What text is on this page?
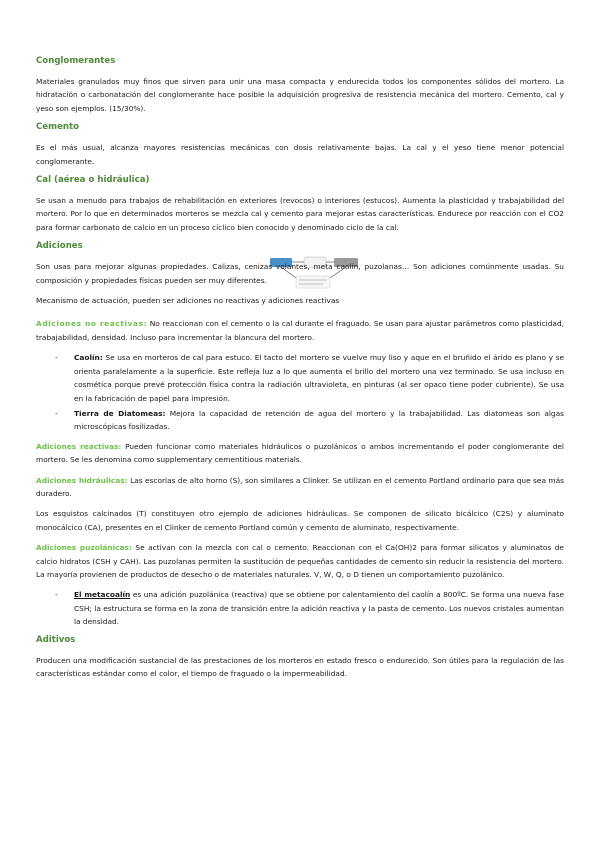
Conglomerantes

Materiales granulados muy finos que sirven para unir una masa compacta y endurecida todos los componentes sólidos del mortero. La hidratación o carbonatación del conglomerante hace posible la adquisición progresiva de resistencia mecánica del mortero. Cemento, cal y yeso son ejemplos. (15/30%).

Cemento

Es el más usual, alcanza mayores resistencias mecánicas con dosis relativamente bajas. La cal y el yeso tiene menor potencial conglomerante.

Cal (aérea o hidráulica)

Se usan a menudo para trabajos de rehabilitación en exteriores (revocos) o interiores (estucos). Aumenta la plasticidad y trabajabilidad del mortero. Por lo que en determinados morteros se mezcla cal y cemento para mejorar estas características. Endurece por reacción con el CO2 para formar carbonato de calcio en un proceso cíclico bien conocido y denominado ciclo de la cal.

Adiciones

Son usas para mejorar algunas propiedades. Calizas, cenizas volantes, meta caolín, puzolanas… Son adiciones comúnmente usadas. Su composición y propiedades físicas pueden ser muy diferentes.

Mecanismo de actuación, pueden ser adiciones no reactivas y adiciones reactivas

Adiciones no reactivas: No reaccionan con el cemento o la cal durante el fraguado. Se usan para ajustar parámetros como plasticidad, trabajabilidad, densidad. Incluso para incrementar la blancura del mortero.

- Caolín: Se usa en morteros de cal para estuco. El tacto del mortero se vuelve muy liso y aque en el bruñido el árido es plano y se orienta paralelamente a la superficie. Este refleja luz a lo que aumenta el brillo del mortero una vez terminado. Se usa incluso en cosmética porque prevé protección física contra la radiación ultravioleta, en pinturas (al ser opaco tiene poder cubriente). Se usa en la fabricación de papel para impresión.
- Tierra de Diatomeas: Mejora la capacidad de retención de agua del mortero y la trabajabilidad. Las diatomeas son algas microscópicas fosilizadas.

Adiciones reactivas: Pueden funcionar como materiales hidráulicos o puzolánicos o ambos incrementando el poder conglomerante del mortero. Se les denomina como supplementary cementitious materials.

Adiciones hidráulicas: Las escorias de alto horno (S), son similares a Clinker. Se utilizan en el cemento Portland ordinario para que sea más duradero.

Los esquistos calcinados (T) constituyen otro ejemplo de adiciones hidráulicas. Se componen de silicato bicálcico (C2S) y aluminato monocálcico (CA), presentes en el Clinker de cemento Portland común y cemento de aluminato, respectivamente.

Adiciones puzolánicas: Se activan con la mezcla con cal o cemento. Reaccionan con el Ca(OH)2 para formar silicatos y aluminatos de calcio hidratos (CSH y CAH). Las puzolanas permiten la sustitución de pequeñas cantidades de cemento sin reducir la resistencia del mortero. La mayoría provienen de productos de desecho o de materiales naturales. V, W, Q, o D tienen un comportamiento puzolánico.

- El metacoalín es una adición puzolánica (reactiva) que se obtiene por calentamiento del caolín a 800ºC. Se forma una nueva fase CSH; la estructura se forma en la zona de transición entre la adición reactiva y la pasta de cemento. Los nuevos cristales aumentan la densidad.
Aditivos

Producen una modificación sustancial de las prestaciones de los morteros en estado fresco o endurecido. Son útiles para la regulación de las características estándar como el color, el tiempo de fraguado o la impermeabilidad.
